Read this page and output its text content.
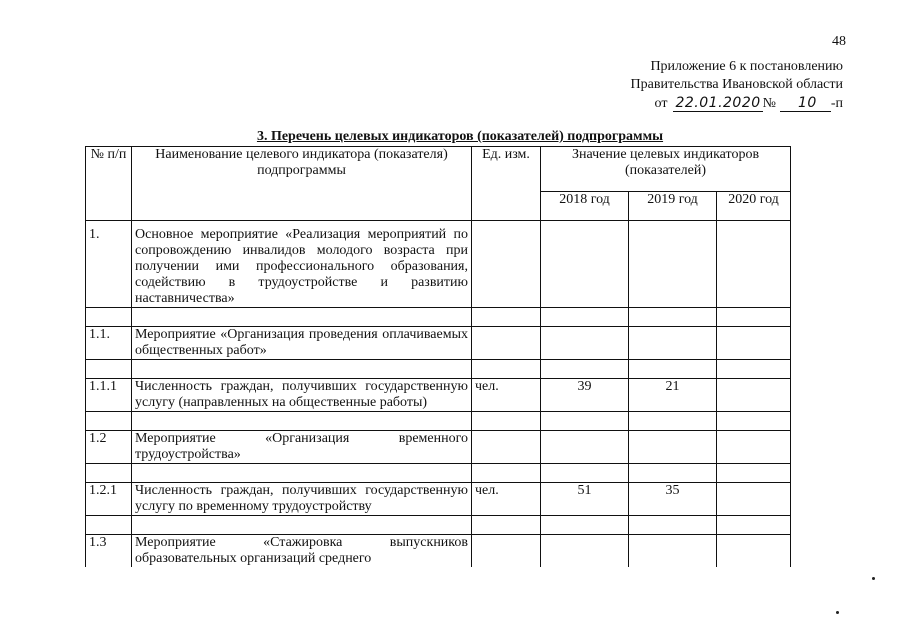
48
Приложение 6 к постановлению
Правительства Ивановской области
от 22.01.2020 № 10 -п
3. Перечень целевых индикаторов (показателей) подпрограммы
№ п/п	Наименование целевого индикатора (показателя) подпрограммы	Ед. изм.	Значение целевых индикаторов (показателей)		
			2018 год	2019 год	2020 год
1.	Основное мероприятие «Реализация мероприятий по сопровождению инвалидов молодого возраста при получении ими профессионального образования, содействию в трудоустройстве и развитию наставничества»				

1.1.	Мероприятие «Организация проведения оплачиваемых общественных работ»				

1.1.1	Численность граждан, получивших государственную услугу (направленных на общественные работы)	чел.	39	21	

1.2	Мероприятие «Организация временного трудоустройства»				

1.2.1	Численность граждан, получивших государственную услугу по временному трудоустройству	чел.	51	35	

1.3	Мероприятие «Стажировка выпускников образовательных организаций среднего				
